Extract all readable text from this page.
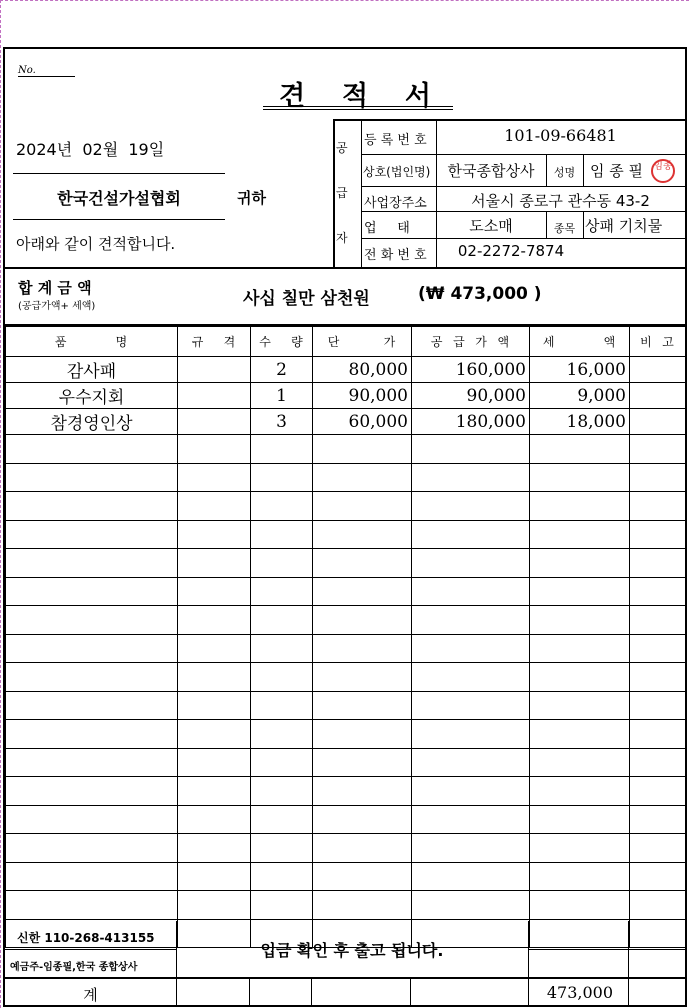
No.
견  적  서
2024년  02월  19일
한국건설가설협회	귀하
아래와 같이 견적합니다.
공
급
자
등 록 번 호	101-09-66481
상호(법인명)	한국종합상사	성명 임 종 필 임종
사업장주소	서울시 종로구 관수동 43-2
업     태	도소매	종목 상패 기치물
전 화 번 호	02-2272-7874
합 계 금 액
(공급가액+ 세액)	사십 칠만 삼천원	(₩ 473,000 )
품          명	규    격	수    량	단         가	공  급  가  액	세          액	비  고
감사패		2	80,000	160,000	16,000	
우수지회		1	90,000	90,000	9,000	
참경영인상		3	60,000	180,000	18,000	

신한 110-268-413155
예금주-임종필,한국 종합상사
입금 확인 후 출고 됩니다.
계	473,000
